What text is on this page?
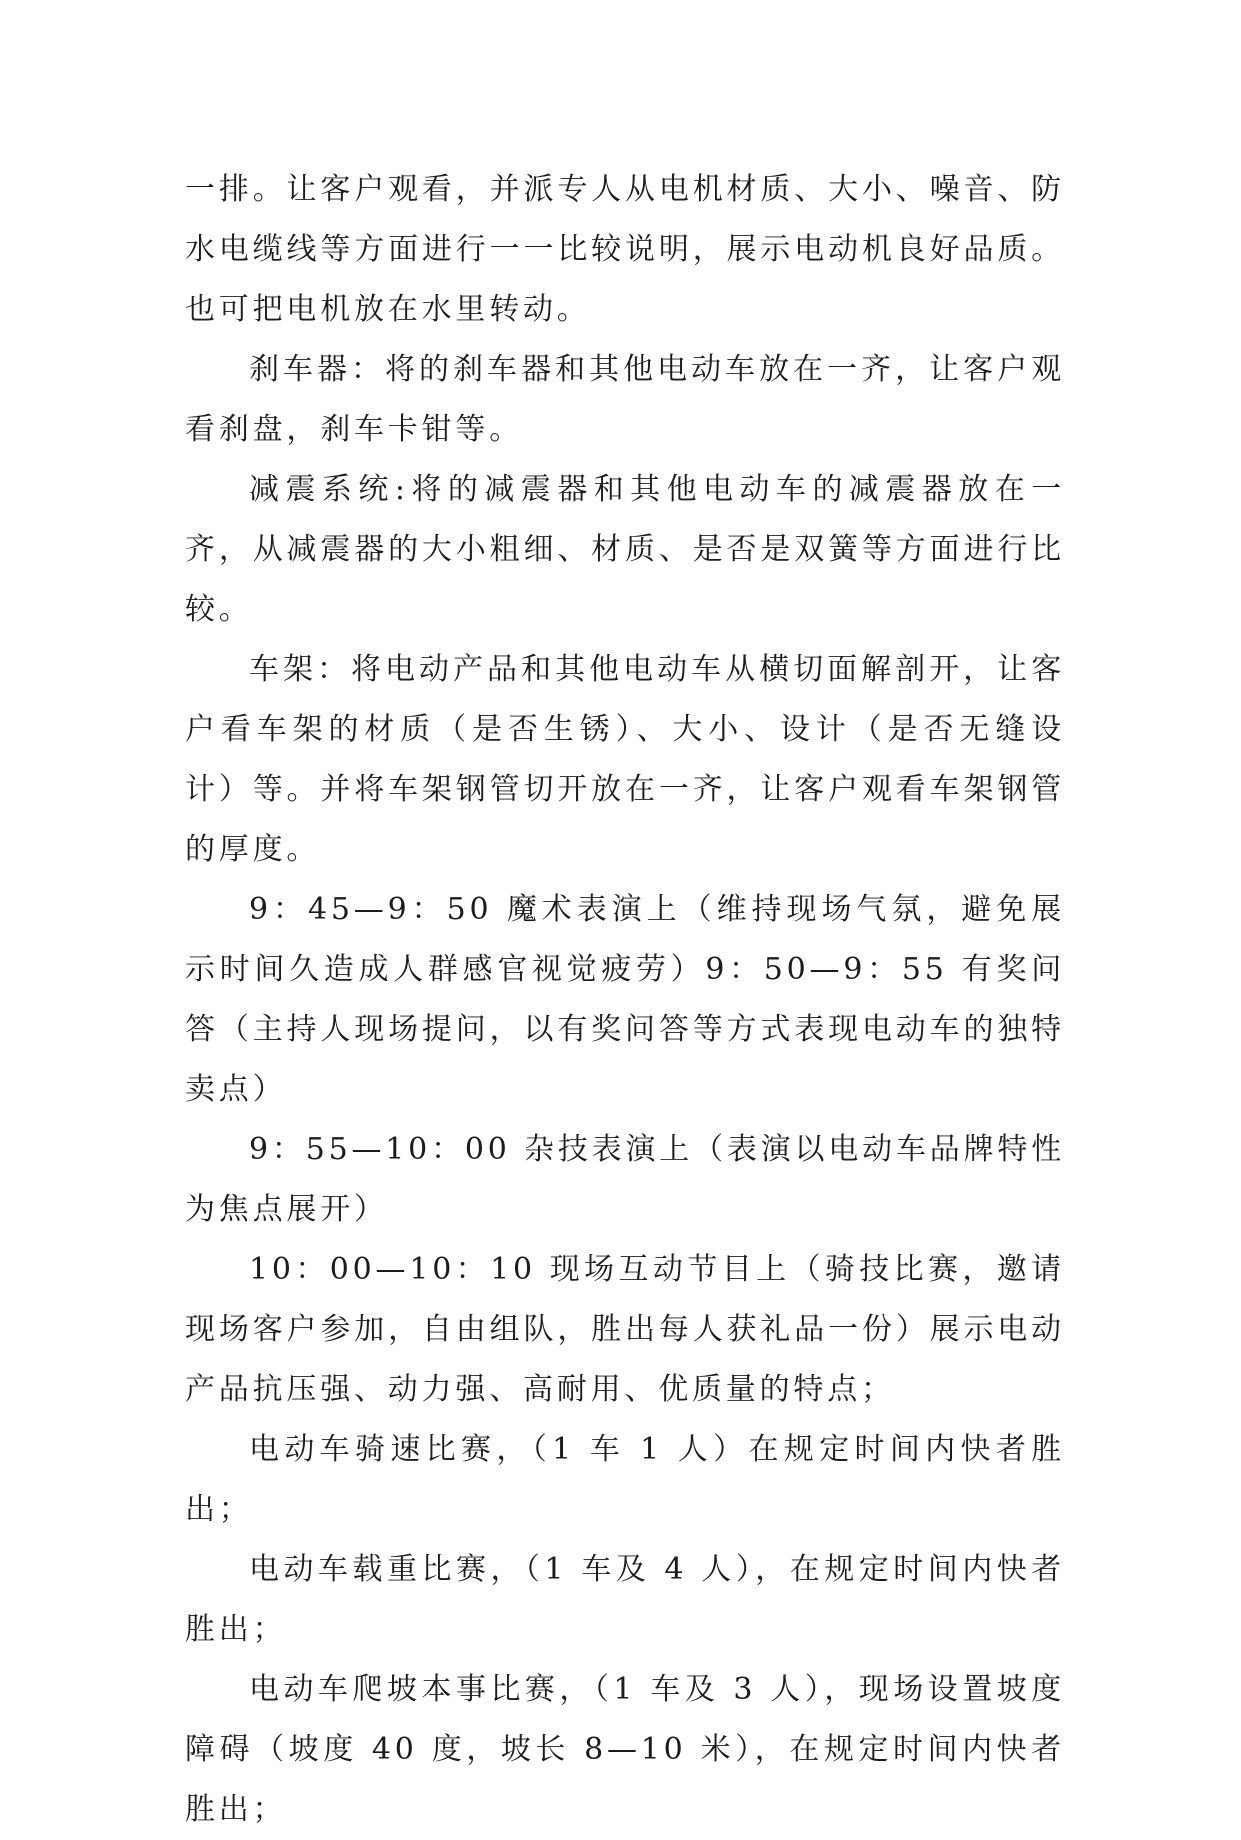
一排。让客户观看，并派专人从电机材质、大小、噪音、防水电缆线等方面进行一一比较说明，展示电动机良好品质。也可把电机放在水里转动。

刹车器：将的刹车器和其他电动车放在一齐，让客户观看刹盘，刹车卡钳等。

减震系统:将的减震器和其他电动车的减震器放在一齐，从减震器的大小粗细、材质、是否是双簧等方面进行比较。

车架：将电动产品和其他电动车从横切面解剖开，让客户看车架的材质（是否生锈）、大小、设计（是否无缝设计）等。并将车架钢管切开放在一齐，让客户观看车架钢管的厚度。

9：45—9：50 魔术表演上（维持现场气氛，避免展示时间久造成人群感官视觉疲劳）9：50—9：55 有奖问答（主持人现场提问，以有奖问答等方式表现电动车的独特卖点）

9：55—10：00 杂技表演上（表演以电动车品牌特性为焦点展开）

10：00—10：10 现场互动节目上（骑技比赛，邀请现场客户参加，自由组队，胜出每人获礼品一份）展示电动产品抗压强、动力强、高耐用、优质量的特点；

电动车骑速比赛，（1 车 1 人）在规定时间内快者胜出；

电动车载重比赛，（1 车及 4 人），在规定时间内快者胜出；

电动车爬坡本事比赛，（1 车及 3 人），现场设置坡度障碍（坡度 40 度，坡长 8—10 米），在规定时间内快者胜出；
